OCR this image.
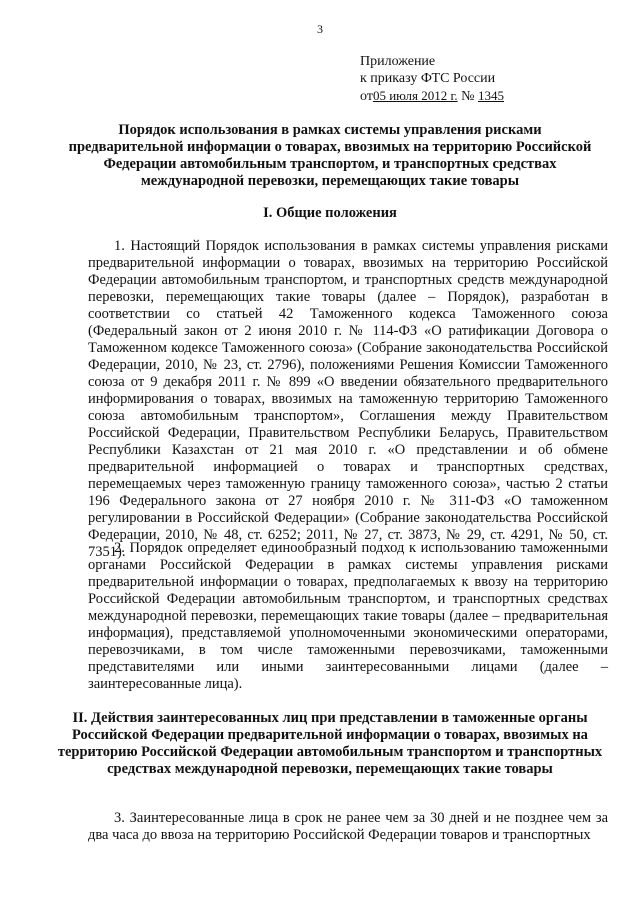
3
Приложение
к приказу ФТС России
от05 июля 2012 г. № 1345
Порядок использования в рамках системы управления рисками предварительной информации о товарах, ввозимых на территорию Российской Федерации автомобильным транспортом, и транспортных средствах международной перевозки, перемещающих такие товары
I. Общие положения
1. Настоящий Порядок использования в рамках системы управления рисками предварительной информации о товарах, ввозимых на территорию Российской Федерации автомобильным транспортом, и транспортных средств международной перевозки, перемещающих такие товары (далее – Порядок), разработан в соответствии со статьей 42 Таможенного кодекса Таможенного союза (Федеральный закон от 2 июня 2010 г. № 114-ФЗ «О ратификации Договора о Таможенном кодексе Таможенного союза» (Собрание законодательства Российской Федерации, 2010, № 23, ст. 2796), положениями Решения Комиссии Таможенного союза от 9 декабря 2011 г. № 899 «О введении обязательного предварительного информирования о товарах, ввозимых на таможенную территорию Таможенного союза автомобильным транспортом», Соглашения между Правительством Российской Федерации, Правительством Республики Беларусь, Правительством Республики Казахстан от 21 мая 2010 г. «О представлении и об обмене предварительной информацией о товарах и транспортных средствах, перемещаемых через таможенную границу таможенного союза», частью 2 статьи 196 Федерального закона от 27 ноября 2010 г. № 311-ФЗ «О таможенном регулировании в Российской Федерации» (Собрание законодательства Российской Федерации, 2010, № 48, ст. 6252; 2011, № 27, ст. 3873, № 29, ст. 4291, № 50, ст. 7351).
2. Порядок определяет единообразный подход к использованию таможенными органами Российской Федерации в рамках системы управления рисками предварительной информации о товарах, предполагаемых к ввозу на территорию Российской Федерации автомобильным транспортом, и транспортных средствах международной перевозки, перемещающих такие товары (далее – предварительная информация), представляемой уполномоченными экономическими операторами, перевозчиками, в том числе таможенными перевозчиками, таможенными представителями или иными заинтересованными лицами (далее – заинтересованные лица).
II. Действия заинтересованных лиц при представлении в таможенные органы Российской Федерации предварительной информации о товарах, ввозимых на территорию Российской Федерации автомобильным транспортом и транспортных средствах международной перевозки, перемещающих такие товары
3. Заинтересованные лица в срок не ранее чем за 30 дней и не позднее чем за два часа до ввоза на территорию Российской Федерации товаров и транспортных
